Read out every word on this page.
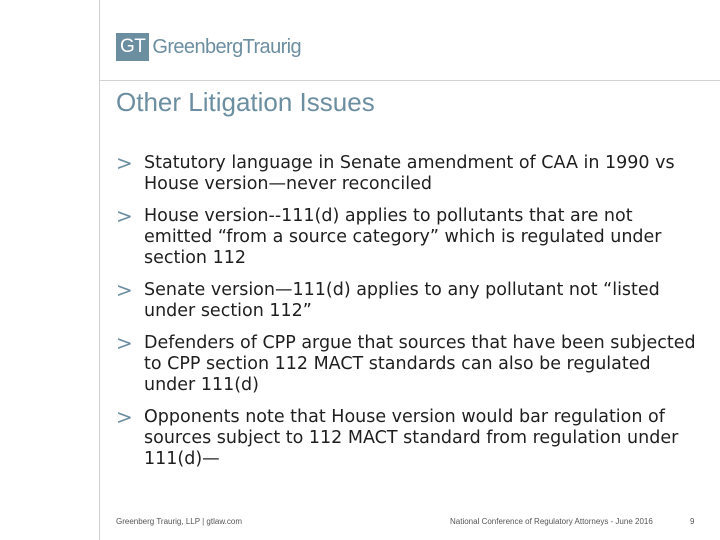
GT GreenbergTraurig
Other Litigation Issues
> Statutory language in Senate amendment of CAA in 1990 vs House version—never reconciled
> House version--111(d) applies to pollutants that are not emitted “from a source category” which is regulated under section 112
> Senate version—111(d) applies to any pollutant not “listed under section 112”
> Defenders of CPP argue that sources that have been subjected to CPP section 112 MACT standards can also be regulated under 111(d)
> Opponents note that House version would bar regulation of sources subject to 112 MACT standard from regulation under 111(d)—
Greenberg Traurig, LLP | gtlaw.com	National Conference of Regulatory Attorneys - June 2016	9
